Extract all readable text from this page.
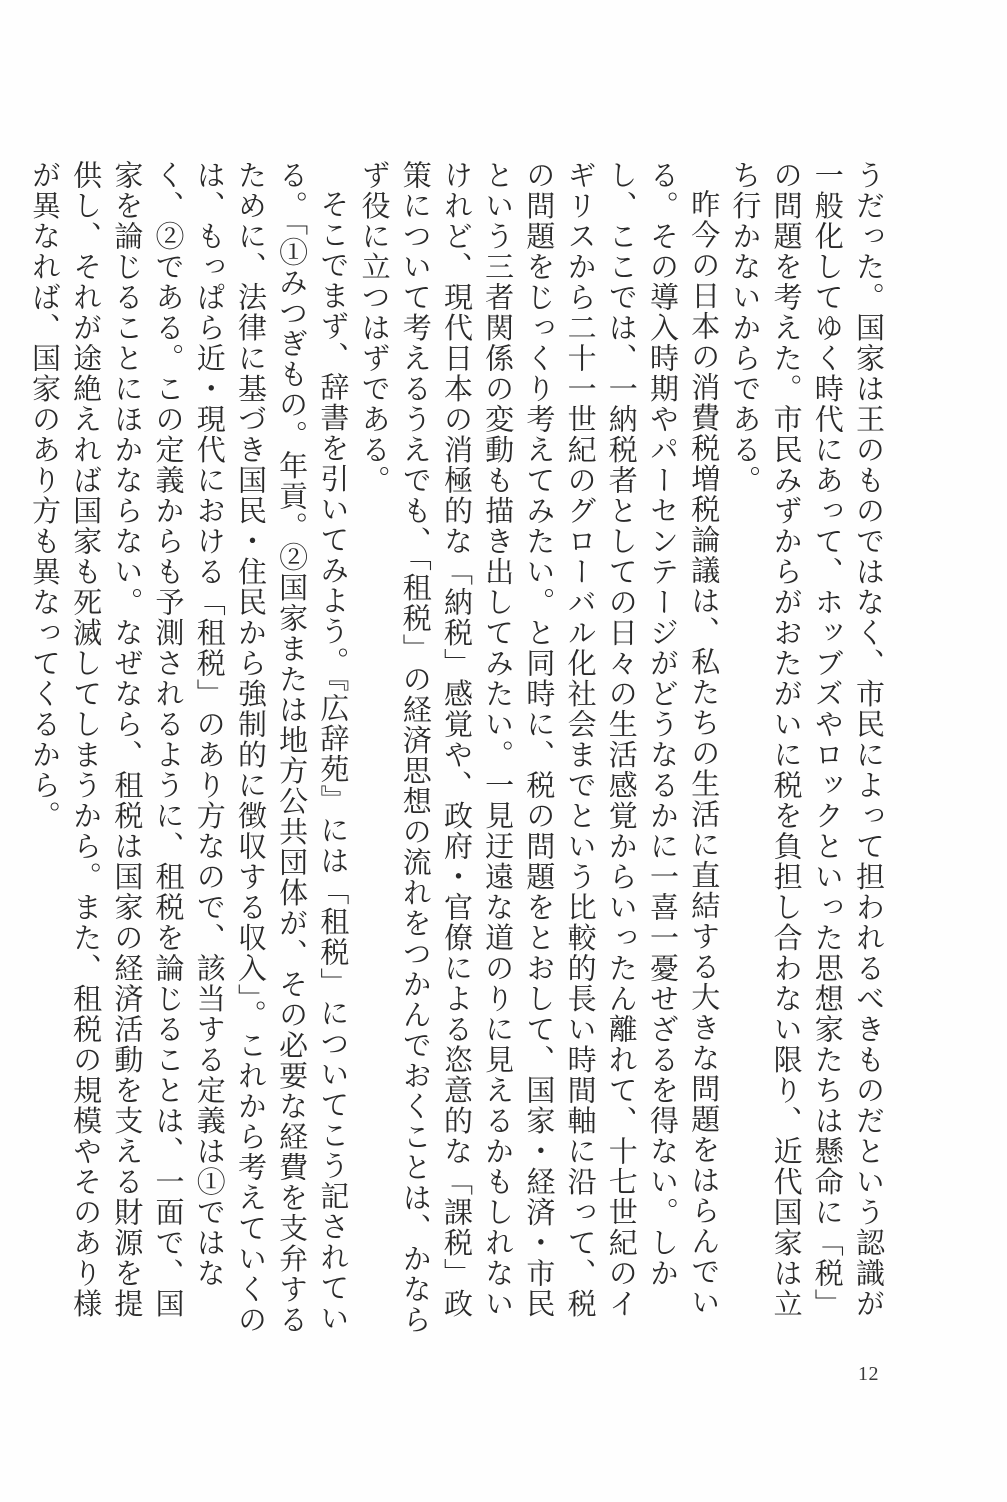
うだった。国家は王のものではなく、市民によって担われるべきものだという認識が一般化してゆく時代にあって、ホッブズやロックといった思想家たちは懸命に「税」の問題を考えた。市民みずからがおたがいに税を負担し合わない限り、近代国家は立ち行かないからである。

昨今の日本の消費税増税論議は、私たちの生活に直結する大きな問題をはらんでいる。その導入時期やパーセンテージがどうなるかに一喜一憂せざるを得ない。しかし、ここでは、一納税者としての日々の生活感覚からいったん離れて、十七世紀のイギリスから二十一世紀のグローバル化社会までという比較的長い時間軸に沿って、税の問題をじっくり考えてみたい。と同時に、税の問題をとおして、国家・経済・市民という三者関係の変動も描き出してみたい。一見迂遠な道のりに見えるかもしれないけれど、現代日本の消極的な「納税」感覚や、政府・官僚による恣意的な「課税」政策について考えるうえでも、「租税」の経済思想の流れをつかんでおくことは、かならず役に立つはずである。

そこでまず、辞書を引いてみよう。『広辞苑』には「租税」についてこう記されている。「①みつぎもの。年貢。②国家または地方公共団体が、その必要な経費を支弁するために、法律に基づき国民・住民から強制的に徴収する収入」。これから考えていくのは、もっぱら近・現代における「租税」のあり方なので、該当する定義は①ではなく、②である。この定義からも予測されるように、租税を論じることは、一面で、国家を論じることにほかならない。なぜなら、租税は国家の経済活動を支える財源を提供し、それが途絶えれば国家も死滅してしまうから。また、租税の規模やそのあり様が異なれば、国家のあり方も異なってくるから。

12
